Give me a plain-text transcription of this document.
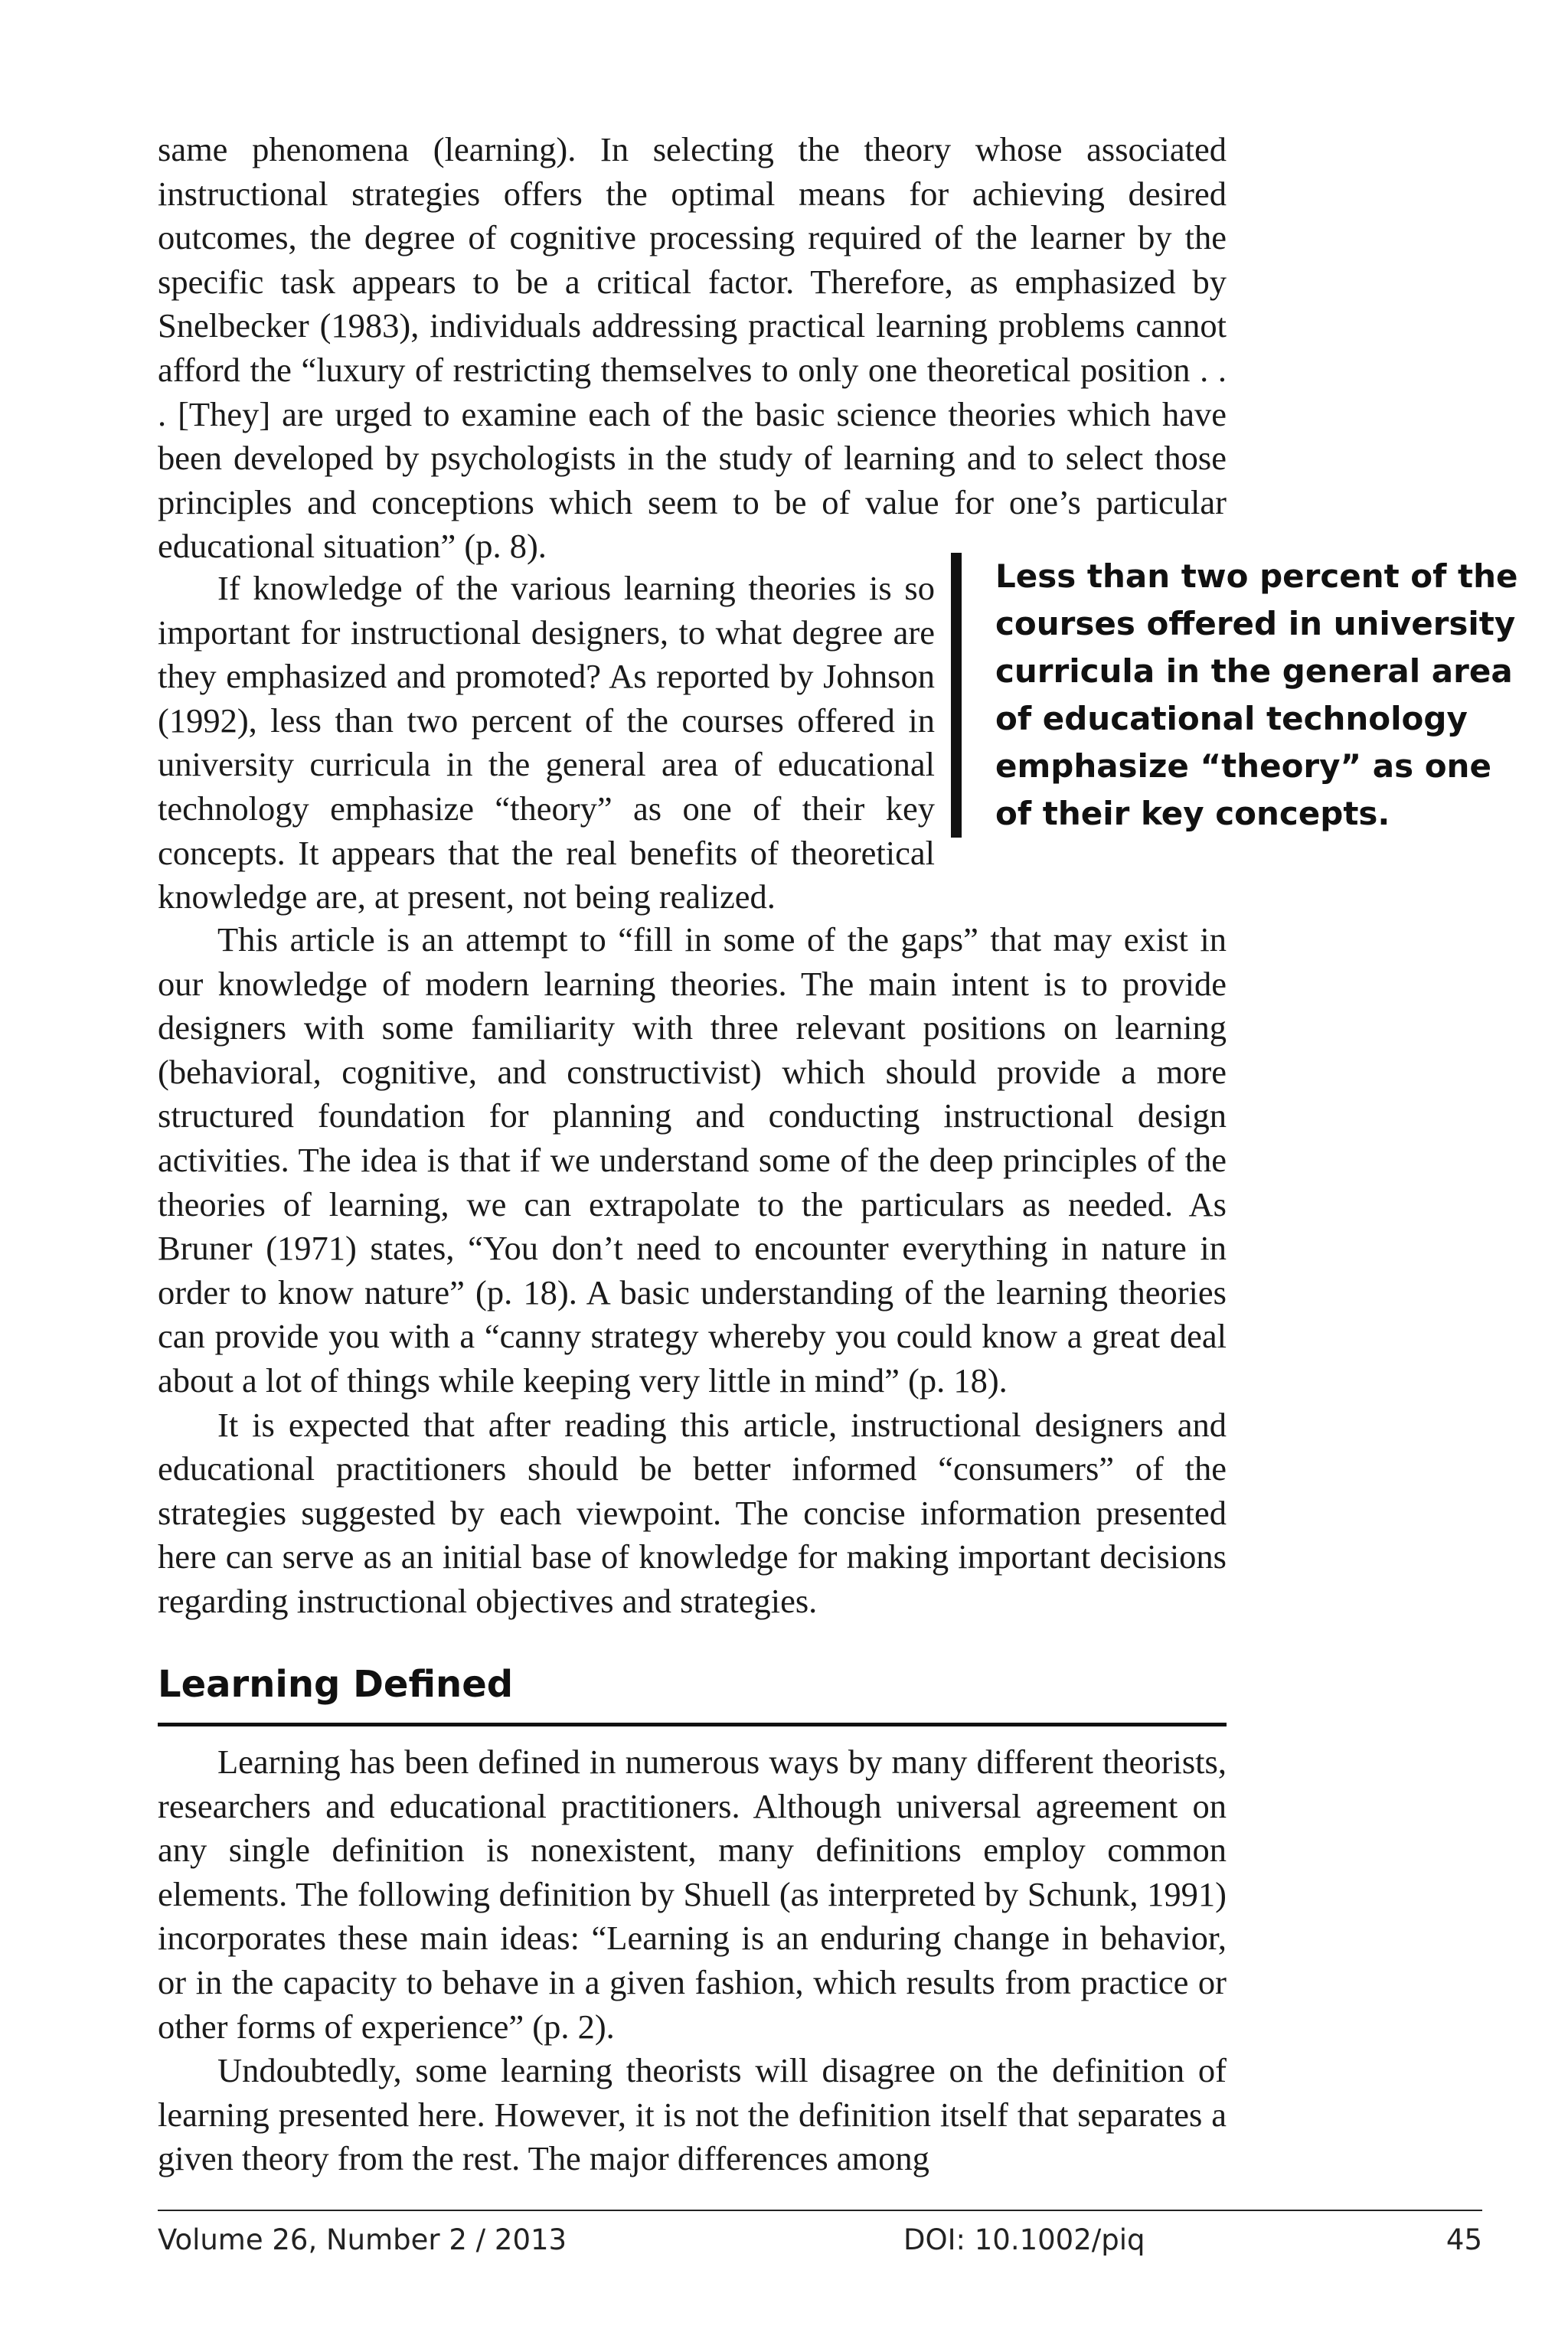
same phenomena (learning). In selecting the theory whose associated instructional strategies offers the optimal means for achieving desired outcomes, the degree of cognitive processing required of the learner by the specific task appears to be a critical factor. Therefore, as emphasized by Snelbecker (1983), individuals addressing practical learning problems cannot afford the “luxury of restricting themselves to only one theoretical position . . . [They] are urged to examine each of the basic science theories which have been developed by psychologists in the study of learning and to select those principles and conceptions which seem to be of value for one’s particular educational situation” (p. 8).

If knowledge of the various learning theories is so important for instructional designers, to what degree are they emphasized and promoted? As reported by Johnson (1992), less than two percent of the courses offered in university curricula in the general area of educational technology emphasize “theory” as one of their key concepts. It appears that the real benefits of theoretical knowledge are, at present, not being realized.

Less than two percent of the courses offered in university curricula in the general area of educational technology emphasize “theory” as one of their key concepts.

This article is an attempt to “fill in some of the gaps” that may exist in our knowledge of modern learning theories. The main intent is to provide designers with some familiarity with three relevant positions on learning (behavioral, cognitive, and constructivist) which should provide a more structured foundation for planning and conducting instructional design activities. The idea is that if we understand some of the deep principles of the theories of learning, we can extrapolate to the particulars as needed. As Bruner (1971) states, “You don’t need to encounter everything in nature in order to know nature” (p. 18). A basic understanding of the learning theories can provide you with a “canny strategy whereby you could know a great deal about a lot of things while keeping very little in mind” (p. 18).

It is expected that after reading this article, instructional designers and educational practitioners should be better informed “consumers” of the strategies suggested by each viewpoint. The concise information presented here can serve as an initial base of knowledge for making important decisions regarding instructional objectives and strategies.

Learning Defined

Learning has been defined in numerous ways by many different theorists, researchers and educational practitioners. Although universal agreement on any single definition is nonexistent, many definitions employ common elements. The following definition by Shuell (as interpreted by Schunk, 1991) incorporates these main ideas: “Learning is an enduring change in behavior, or in the capacity to behave in a given fashion, which results from practice or other forms of experience” (p. 2).

Undoubtedly, some learning theorists will disagree on the definition of learning presented here. However, it is not the definition itself that separates a given theory from the rest. The major differences among

Volume 26, Number 2 / 2013	DOI: 10.1002/piq	45
